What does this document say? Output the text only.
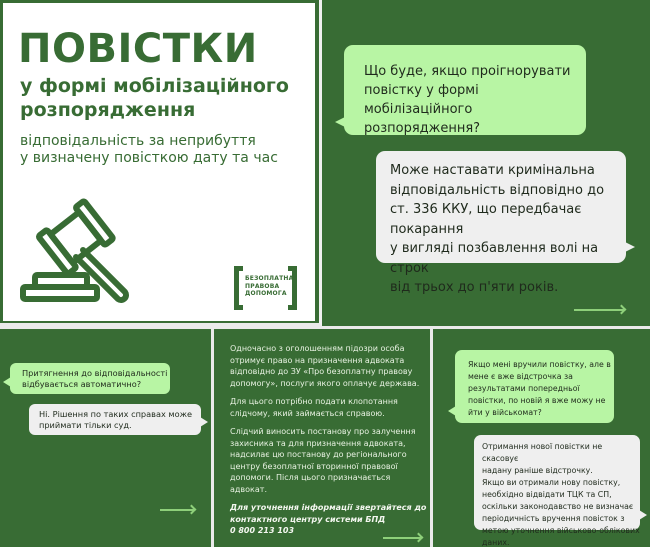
ПОВІСТКИ
у формі мобілізаційного
розпорядження
відповідальність за неприбуття
у визначену повісткою дату та час
БЕЗОПЛАТНА
ПРАВОВА
ДОПОМОГА
Що буде, якщо проігнорувати
повістку у формі мобілізаційного
розпорядження?
Може наставати кримінальна
відповідальність відповідно до
ст. 336 ККУ, що передбачає покарання
у вигляді позбавлення волі на строк
від трьох до п'яти років.
Притягнення до відповідальності
відбувається автоматично?
Ні. Рішення по таких справах може
приймати тільки суд.

Одночасно з оголошенням підозри особа отримує право на призначення адвоката відповідно до ЗУ «Про безоплатну правову допомогу», послуги якого оплачує держава.

Для цього потрібно подати клопотання слідчому, який займається справою.

Слідчий виносить постанову про залучення захисника та для призначення адвоката, надсилає цю постанову до регіонального центру безоплатної вторинної правової допомоги. Після цього призначається адвокат.

Для уточнення інформації звертайтеся до контактного центру системи БПД

0 800 213 103

Якщо мені вручили повістку, але в
мене є вже відстрочка за
результатами попередньої
повістки, по новій я вже можу не
йти у військомат?
Отримання нової повістки не скасовує
надану раніше відстрочку.
Якщо ви отримали нову повістку,
необхідно відвідати ТЦК та СП,
оскільки законодавство не визначає
періодичність вручення повісток з
метою уточнення військово-облікових
даних.
